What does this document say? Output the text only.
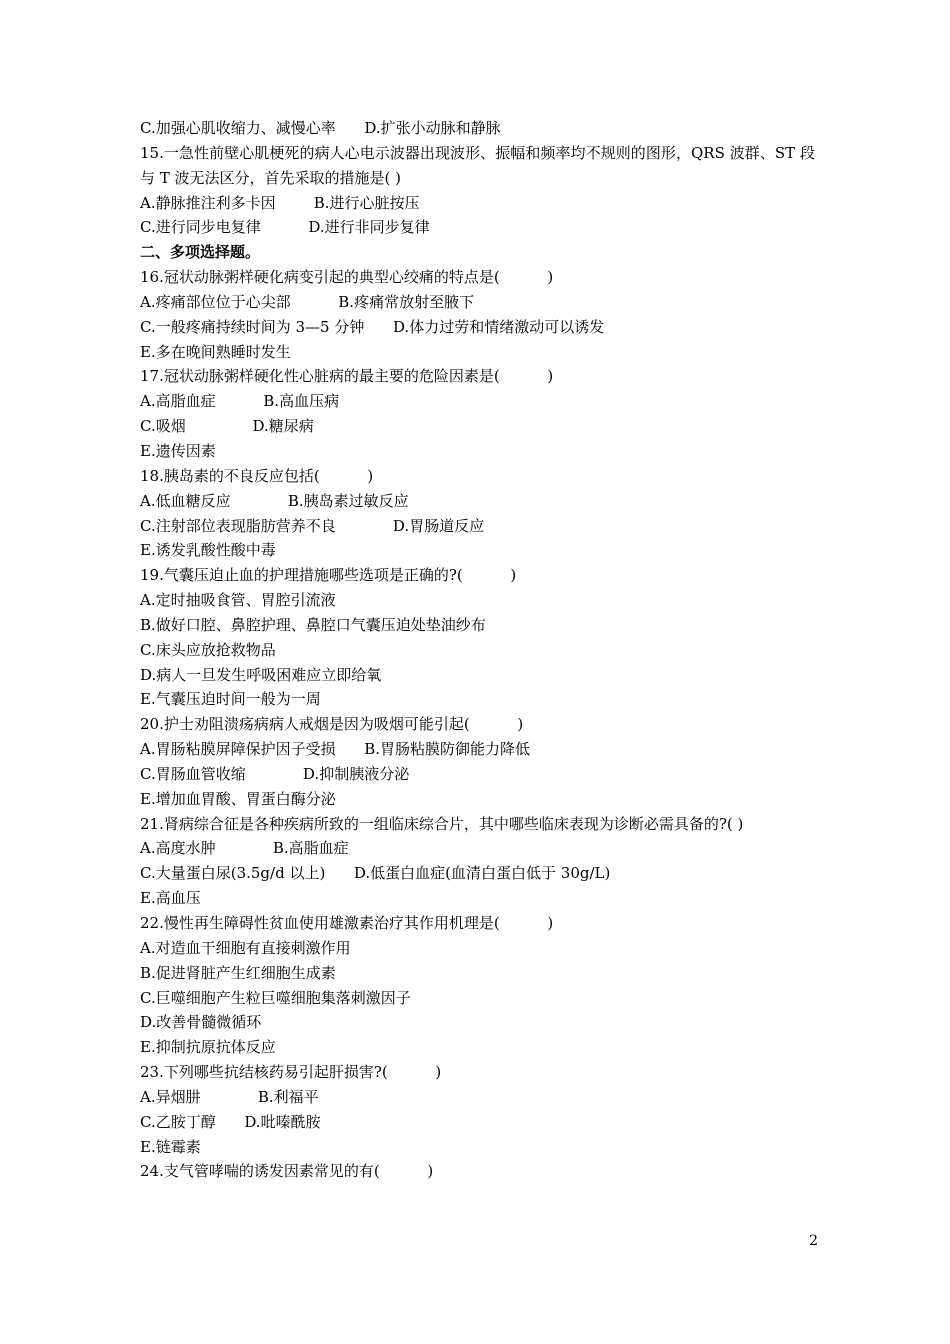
C.加强心肌收缩力、减慢心率      D.扩张小动脉和静脉
15.一急性前壁心肌梗死的病人心电示波器出现波形、振幅和频率均不规则的图形，QRS 波群、ST 段与 T 波无法区分，首先采取的措施是( )
A.静脉推注利多卡因        B.进行心脏按压
C.进行同步电复律          D.进行非同步复律
二、多项选择题。
16.冠状动脉粥样硬化病变引起的典型心绞痛的特点是(          )
A.疼痛部位位于心尖部          B.疼痛常放射至腋下
C.一般疼痛持续时间为 3—5 分钟      D.体力过劳和情绪激动可以诱发
E.多在晚间熟睡时发生
17.冠状动脉粥样硬化性心脏病的最主要的危险因素是(          )
A.高脂血症          B.高血压病
C.吸烟              D.糖尿病
E.遗传因素
18.胰岛素的不良反应包括(          )
A.低血糖反应            B.胰岛素过敏反应
C.注射部位表现脂肪营养不良            D.胃肠道反应
E.诱发乳酸性酸中毒
19.气囊压迫止血的护理措施哪些选项是正确的?(          )
A.定时抽吸食管、胃腔引流液
B.做好口腔、鼻腔护理、鼻腔口气囊压迫处垫油纱布
C.床头应放抢救物品
D.病人一旦发生呼吸困难应立即给氧
E.气囊压迫时间一般为一周
20.护士劝阻溃疡病病人戒烟是因为吸烟可能引起(          )
A.胃肠粘膜屏障保护因子受损      B.胃肠粘膜防御能力降低
C.胃肠血管收缩            D.抑制胰液分泌
E.增加血胃酸、胃蛋白酶分泌
21.肾病综合征是各种疾病所致的一组临床综合片，其中哪些临床表现为诊断必需具备的?( )
A.高度水肿            B.高脂血症
C.大量蛋白尿(3.5g/d 以上)      D.低蛋白血症(血清白蛋白低于 30g/L)
E.高血压
22.慢性再生障碍性贫血使用雄激素治疗其作用机理是(          )
A.对造血干细胞有直接刺激作用
B.促进肾脏产生红细胞生成素
C.巨噬细胞产生粒巨噬细胞集落刺激因子
D.改善骨髓微循环
E.抑制抗原抗体反应
23.下列哪些抗结核药易引起肝损害?(          )
A.异烟肼            B.利福平
C.乙胺丁醇      D.吡嗪酰胺
E.链霉素
24.支气管哮喘的诱发因素常见的有(          )
2
